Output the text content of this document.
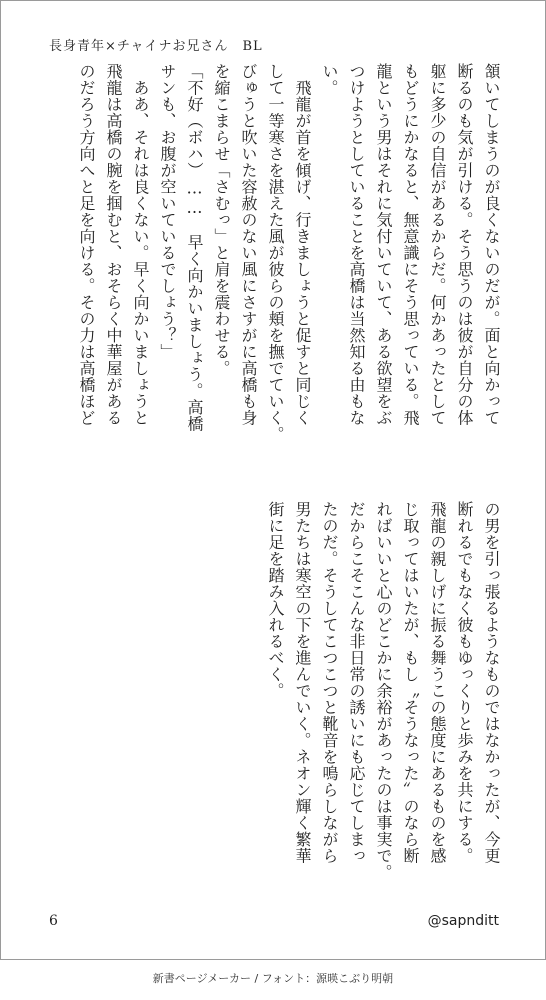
長身青年×チャイナお兄さん　BL
頷いてしまうのが良くないのだが。面と向かって
断るのも気が引ける。そう思うのは彼が自分の体
躯に多少の自信があるからだ。何かあったとして
もどうにかなると、無意識にそう思っている。飛
龍という男はそれに気付いていて、ある欲望をぶ
つけようとしていることを高橋は当然知る由もな
い。
　飛龍が首を傾げ、行きましょうと促すと同じく
して一等寒さを湛えた風が彼らの頬を撫でていく。
びゅうと吹いた容赦のない風にさすがに高橋も身
を縮こまらせ「さむっ」と肩を震わせる。
「不好（ボハ）……　早く向かいましょう。高橋
サンも、お腹が空いているでしょう？」
　ああ、それは良くない。早く向かいましょうと
飛龍は高橋の腕を掴むと、おそらく中華屋がある
のだろう方向へと足を向ける。その力は高橋ほど
の男を引っ張るようなものではなかったが、今更
断れるでもなく彼もゆっくりと歩みを共にする。
飛龍の親しげに振る舞うこの態度にあるものを感
じ取ってはいたが、もし〝そうなった〟のなら断
ればいいと心のどこかに余裕があったのは事実で。
だからこそこんな非日常の誘いにも応じてしまっ
たのだ。そうしてこつこつと靴音を鳴らしながら
男たちは寒空の下を進んでいく。ネオン輝く繁華
街に足を踏み入れるべく。
6	@sapnditt
新書ページメーカー / フォント：源暎こぶり明朝
